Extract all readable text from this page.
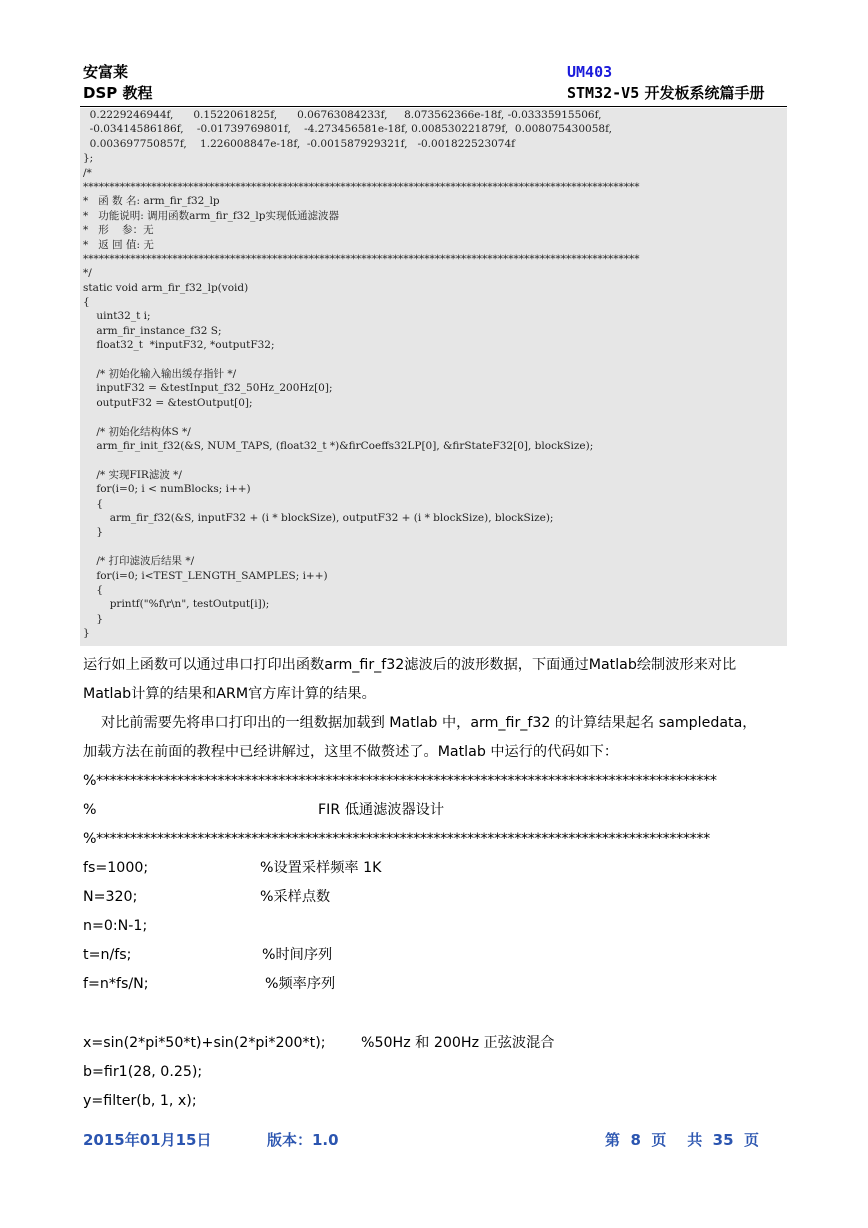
安富莱
DSP 教程
UM403
STM32-V5 开发板系统篇手册
0.2229246944f,      0.1522061825f,      0.06763084233f,     8.073562366e-18f, -0.03335915506f,
-0.03414586186f,    -0.01739769801f,    -4.273456581e-18f, 0.008530221879f,  0.008075430058f,
0.003697750857f,    1.226008847e-18f,  -0.001587929321f,   -0.001822523074f
};
/*
**********************************************************************************************************
*   函 数 名: arm_fir_f32_lp
*   功能说明: 调用函数arm_fir_f32_lp实现低通滤波器
*   形    参：无
*   返 回 值: 无
**********************************************************************************************************
*/
static void arm_fir_f32_lp(void)
{
uint32_t i;
arm_fir_instance_f32 S;
float32_t  *inputF32, *outputF32;
/* 初始化输入输出缓存指针 */
inputF32 = &testInput_f32_50Hz_200Hz[0];
outputF32 = &testOutput[0];
/* 初始化结构体S */
arm_fir_init_f32(&S, NUM_TAPS, (float32_t *)&firCoeffs32LP[0], &firStateF32[0], blockSize);
/* 实现FIR滤波 */
for(i=0; i < numBlocks; i++)
{
arm_fir_f32(&S, inputF32 + (i * blockSize), outputF32 + (i * blockSize), blockSize);
}
/* 打印滤波后结果 */
for(i=0; i<TEST_LENGTH_SAMPLES; i++)
{
printf("%f\r\n", testOutput[i]);
}
}
运行如上函数可以通过串口打印出函数arm_fir_f32滤波后的波形数据，下面通过Matlab绘制波形来对比
Matlab计算的结果和ARM官方库计算的结果。
对比前需要先将串口打印出的一组数据加载到 Matlab 中，arm_fir_f32 的计算结果起名 sampledata，
加载方法在前面的教程中已经讲解过，这里不做赘述了。Matlab 中运行的代码如下：
%********************************************************************************************
%	FIR 低通滤波器设计
%*******************************************************************************************
fs=1000;	%设置采样频率 1K
N=320;	%采样点数
n=0:N-1;
t=n/fs;	%时间序列
f=n*fs/N;	%频率序列
x=sin(2*pi*50*t)+sin(2*pi*200*t); %50Hz 和 200Hz 正弦波混合
b=fir1(28, 0.25);
y=filter(b, 1, x);
2015年01月15日	版本：1.0	第  8  页    共  35  页
